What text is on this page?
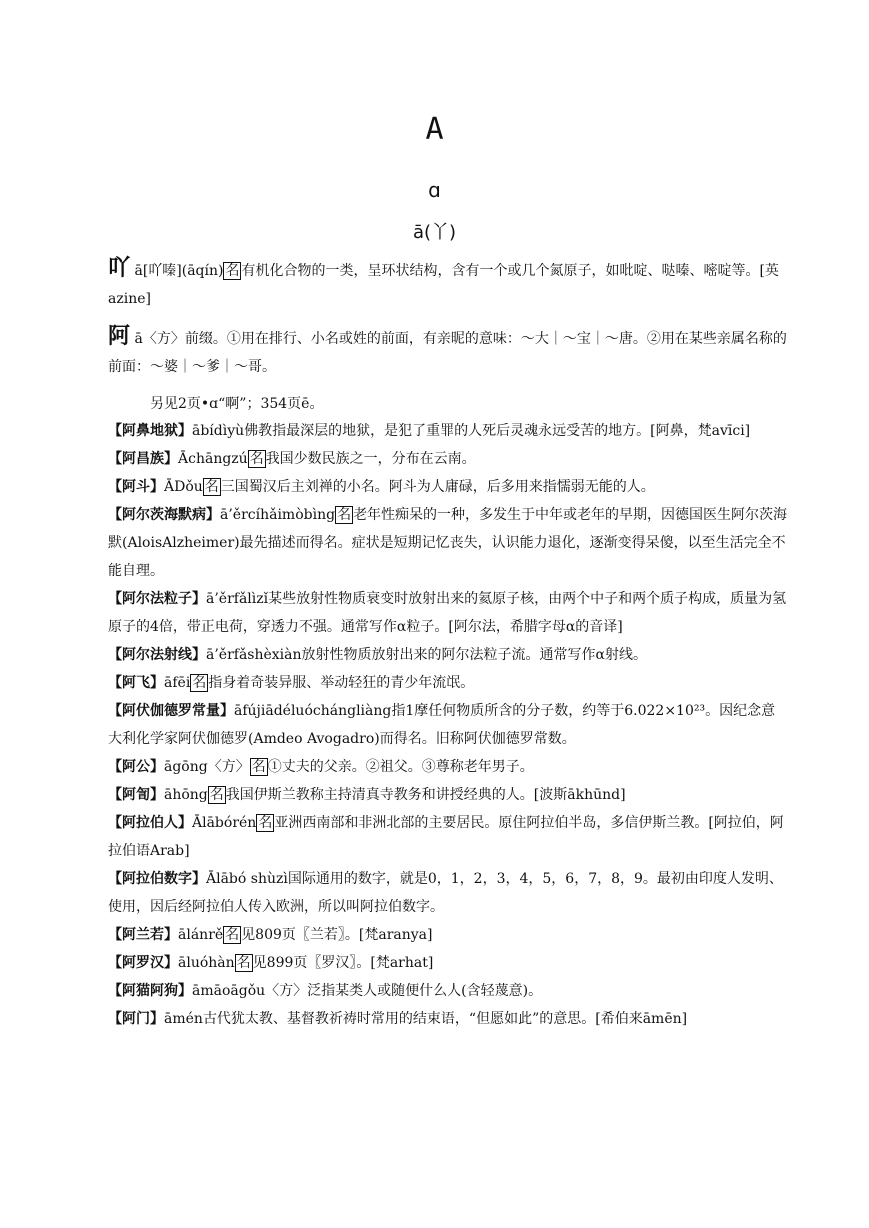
A
ɑ
ā(丫)

吖 ā[吖嗪](āqín) 名 有机化合物的一类，呈环状结构，含有一个或几个氮原子，如吡啶、哒嗪、嘧啶等。[英azine]

阿 ā〈方〉前缀。①用在排行、小名或姓的前面，有亲昵的意味：～大｜～宝｜～唐。②用在某些亲属名称的前面：～婆｜～爹｜～哥。

另见2页•ɑ“啊”；354页ē。

【阿鼻地狱】ābídìyù佛教指最深层的地狱，是犯了重罪的人死后灵魂永远受苦的地方。[阿鼻，梵avīci]

【阿昌族】Āchāngzú 名 我国少数民族之一，分布在云南。

【阿斗】ĀDǒu 名 三国蜀汉后主刘禅的小名。阿斗为人庸碌，后多用来指懦弱无能的人。

【阿尔茨海默病】ā’ěrcíhǎimòbìng 名 老年性痴呆的一种，多发生于中年或老年的早期，因德国医生阿尔茨海默(AloisAlzheimer)最先描述而得名。症状是短期记忆丧失，认识能力退化，逐渐变得呆傻，以至生活完全不能自理。

【阿尔法粒子】ā’ěrfǎlìzǐ某些放射性物质衰变时放射出来的氦原子核，由两个中子和两个质子构成，质量为氢原子的4倍，带正电荷，穿透力不强。通常写作α粒子。[阿尔法，希腊字母α的音译]

【阿尔法射线】ā’ěrfǎshèxiàn放射性物质放射出来的阿尔法粒子流。通常写作α射线。

【阿飞】āfēi 名 指身着奇装异服、举动轻狂的青少年流氓。

【阿伏伽德罗常量】āfújiādéluóchángliàng指1摩任何物质所含的分子数，约等于6.022×10²³。因纪念意大利化学家阿伏伽德罗(Amdeo Avogadro)而得名。旧称阿伏伽德罗常数。

【阿公】āgōng〈方〉 名 ①丈夫的父亲。②祖父。③尊称老年男子。

【阿訇】āhōng 名 我国伊斯兰教称主持清真寺教务和讲授经典的人。[波斯ākhūnd]

【阿拉伯人】Ālābórén 名 亚洲西南部和非洲北部的主要居民。原住阿拉伯半岛，多信伊斯兰教。[阿拉伯，阿拉伯语Arab]

【阿拉伯数字】Ālābó shùzì国际通用的数字，就是0，1，2，3，4，5，6，7，8，9。最初由印度人发明、使用，因后经阿拉伯人传入欧洲，所以叫阿拉伯数字。

【阿兰若】ālánrě 名 见809页〖兰若〗。[梵aranya]

【阿罗汉】āluóhàn 名 见899页〖罗汉〗。[梵arhat]

【阿猫阿狗】āmāoāgǒu〈方〉泛指某类人或随便什么人(含轻蔑意)。

【阿门】āmén古代犹太教、基督教祈祷时常用的结束语，“但愿如此”的意思。[希伯来āmēn]
